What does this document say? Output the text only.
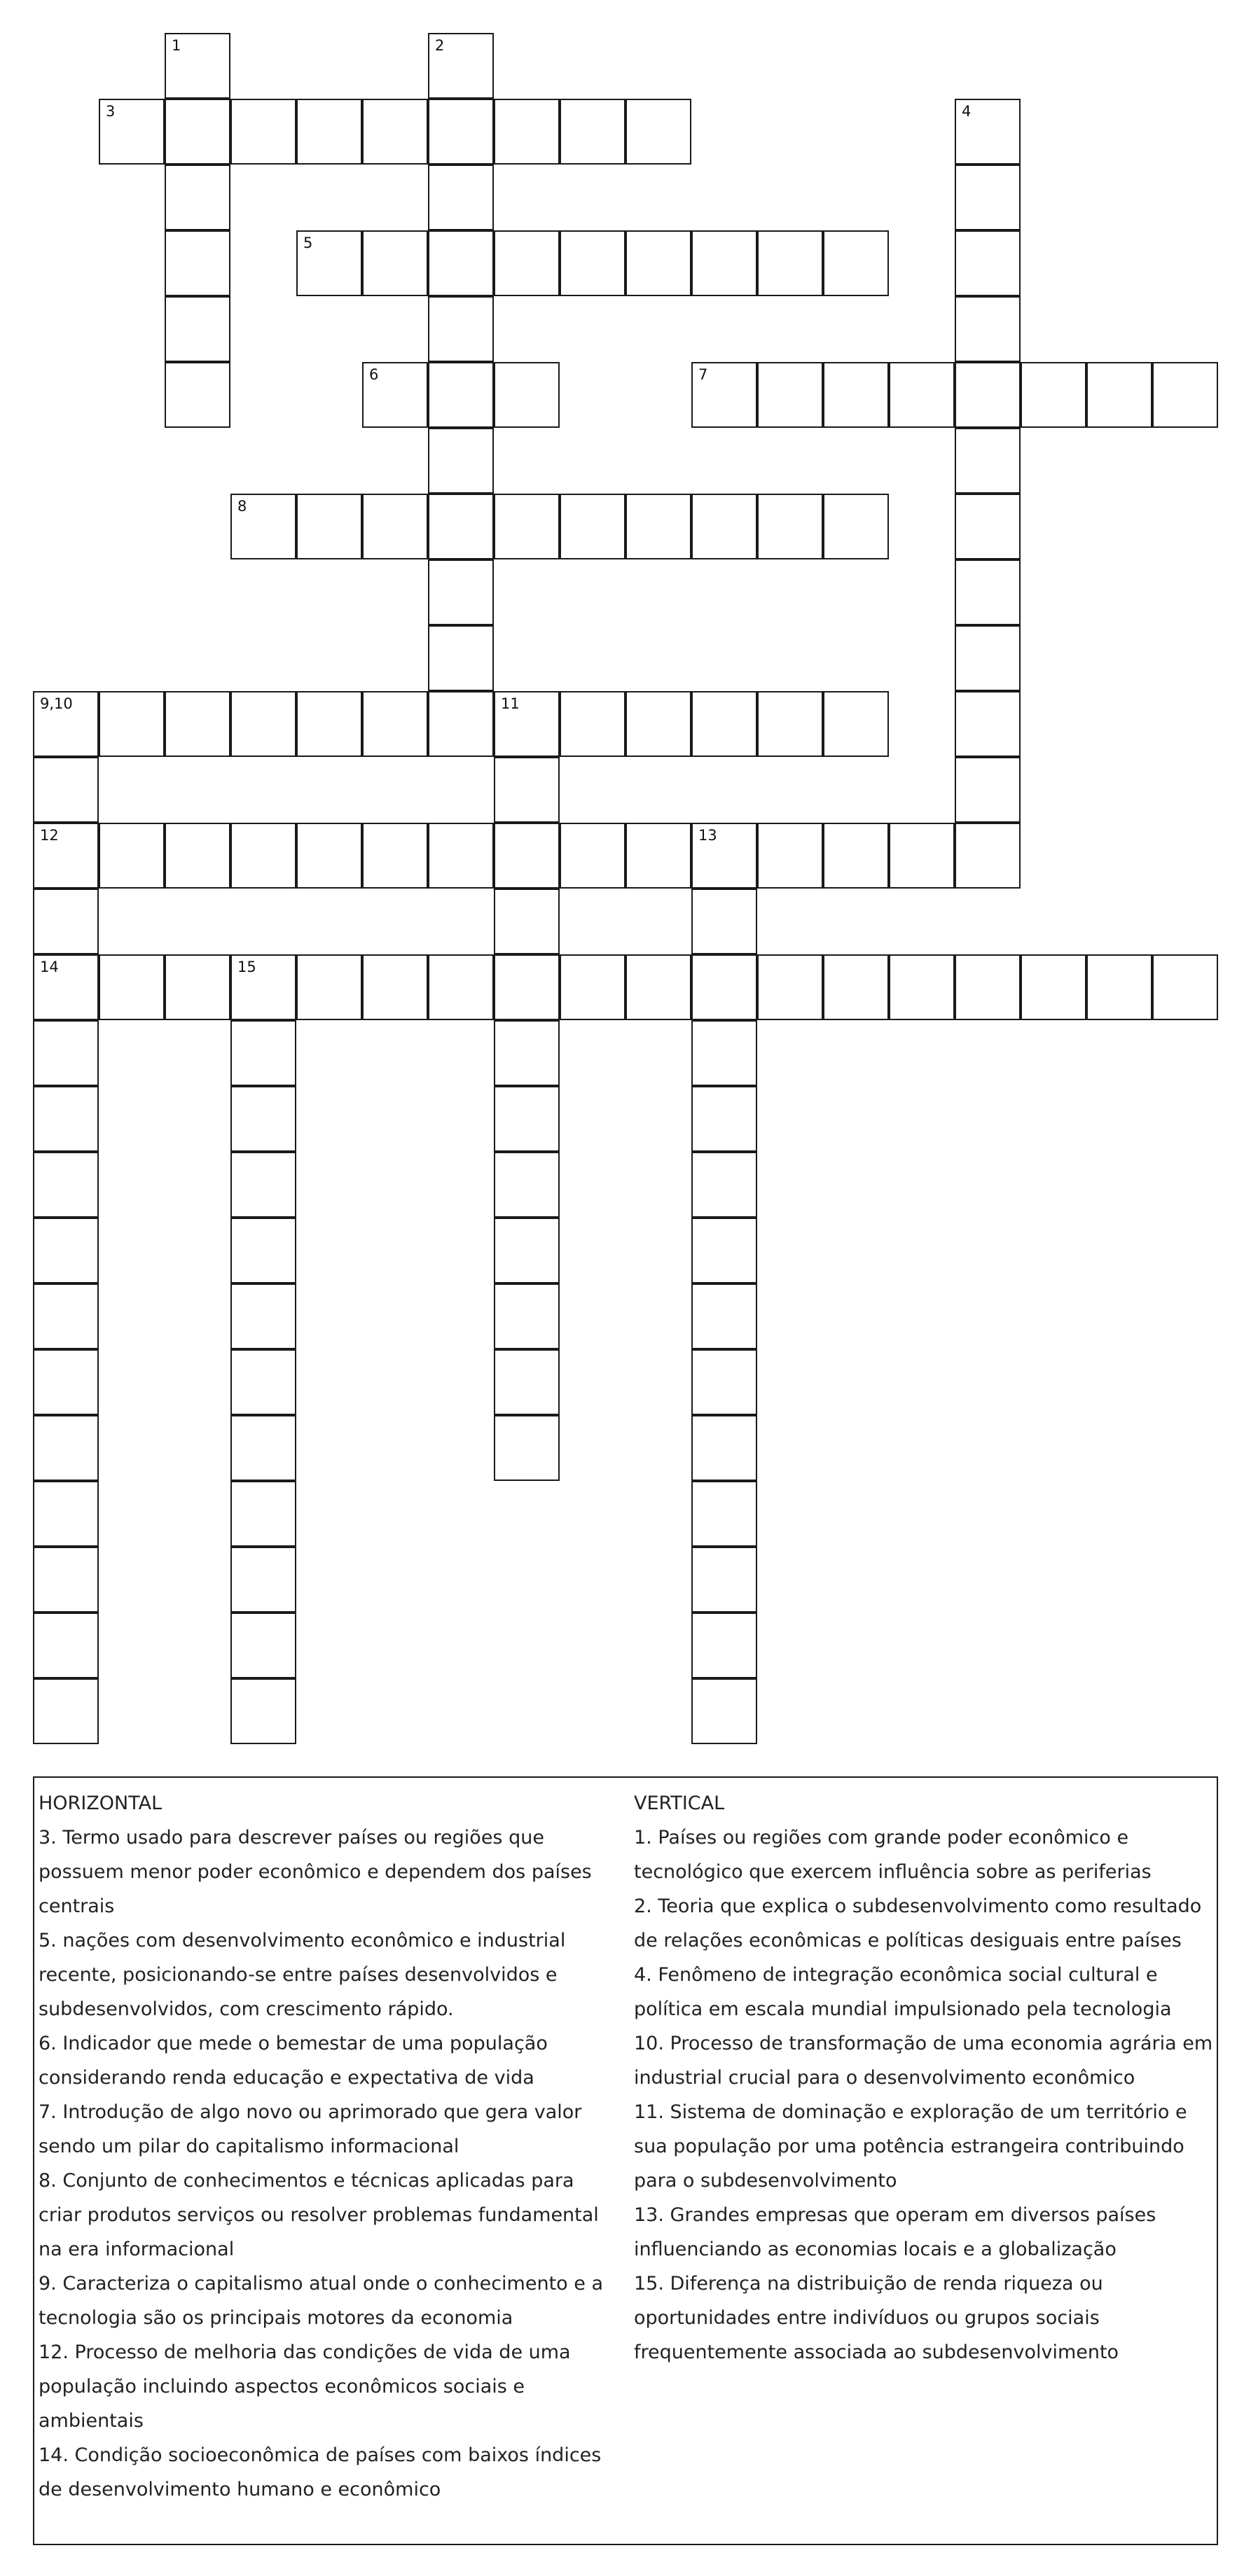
1	2
3	4
5
6	7
8
9,10	11
12
14
13
15

HORIZONTAL

3. Termo usado para descrever países ou regiões que possuem menor poder econômico e dependem dos países centrais

5. nações com desenvolvimento econômico e industrial recente, posicionando-se entre países desenvolvidos e subdesenvolvidos, com crescimento rápido.

6. Indicador que mede o bemestar de uma população considerando renda educação e expectativa de vida

7. Introdução de algo novo ou aprimorado que gera valor sendo um pilar do capitalismo informacional

8. Conjunto de conhecimentos e técnicas aplicadas para criar produtos serviços ou resolver problemas fundamental na era informacional

9. Caracteriza o capitalismo atual onde o conhecimento e a tecnologia são os principais motores da economia

12. Processo de melhoria das condições de vida de uma população incluindo aspectos econômicos sociais e ambientais

14. Condição socioeconômica de países com baixos índices de desenvolvimento humano e econômico

VERTICAL

1. Países ou regiões com grande poder econômico e tecnológico que exercem influência sobre as periferias

2. Teoria que explica o subdesenvolvimento como resultado de relações econômicas e políticas desiguais entre países

4. Fenômeno de integração econômica social cultural e política em escala mundial impulsionado pela tecnologia

10. Processo de transformação de uma economia agrária em industrial crucial para o desenvolvimento econômico

11. Sistema de dominação e exploração de um território e sua população por uma potência estrangeira contribuindo para o subdesenvolvimento

13. Grandes empresas que operam em diversos países influenciando as economias locais e a globalização

15. Diferença na distribuição de renda riqueza ou oportunidades entre indivíduos ou grupos sociais frequentemente associada ao subdesenvolvimento
